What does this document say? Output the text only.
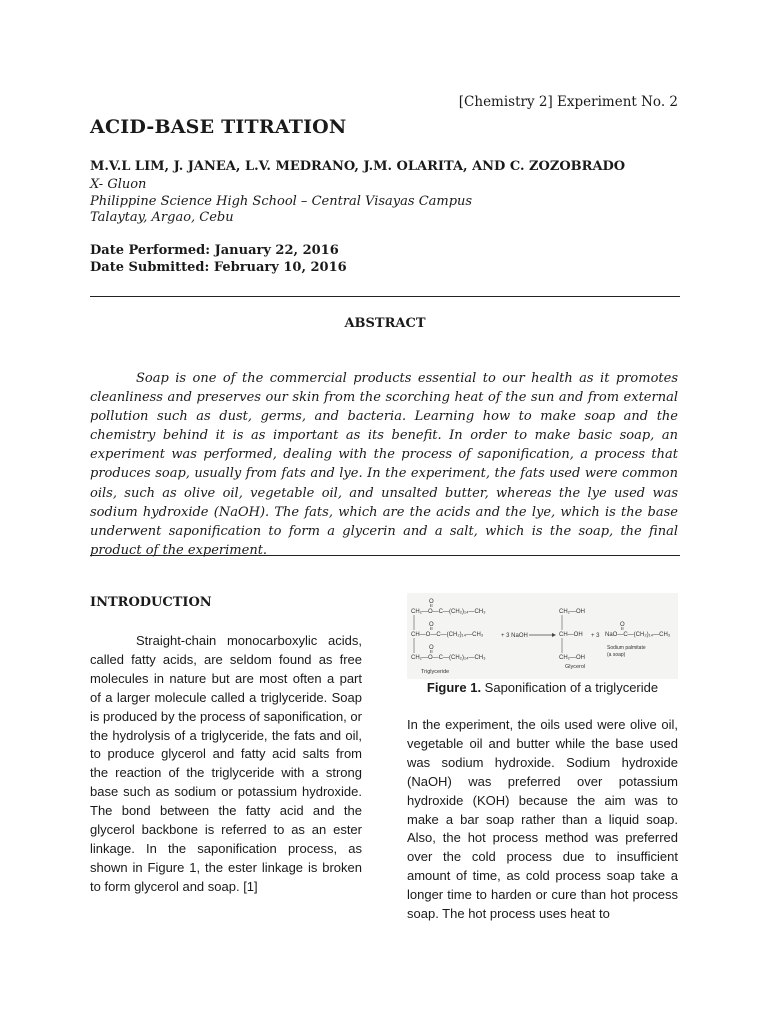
[Chemistry 2] Experiment No. 2
ACID-BASE TITRATION
M.V.L LIM, J. JANEA, L.V. MEDRANO, J.M. OLARITA, AND C. ZOZOBRADO
X- Gluon
Philippine Science High School – Central Visayas Campus
Talaytay, Argao, Cebu
Date Performed: January 22, 2016
Date Submitted: February 10, 2016
ABSTRACT
Soap is one of the commercial products essential to our health as it promotes cleanliness and preserves our skin from the scorching heat of the sun and from external pollution such as dust, germs, and bacteria. Learning how to make soap and the chemistry behind it is as important as its benefit. In order to make basic soap, an experiment was performed, dealing with the process of saponification, a process that produces soap, usually from fats and lye. In the experiment, the fats used were common oils, such as olive oil, vegetable oil, and unsalted butter, whereas the lye used was sodium hydroxide (NaOH). The fats, which are the acids and the lye, which is the base underwent saponification to form a glycerin and a salt, which is the soap, the final product of the experiment.
INTRODUCTION
Straight-chain monocarboxylic acids, called fatty acids, are seldom found as free molecules in nature but are most often a part of a larger molecule called a triglyceride. Soap is produced by the process of saponification, or the hydrolysis of a triglyceride, the fats and oil, to produce glycerol and fatty acid salts from the reaction of the triglyceride with a strong base such as sodium or potassium hydroxide. The bond between the fatty acid and the glycerol backbone is referred to as an ester linkage. In the saponification process, as shown in Figure 1, the ester linkage is broken to form glycerol and soap. [1]
O
CH₂—O—C—(CH₂)₁₄—CH₃
O
CH—O—C—(CH₂)₁₄—CH₃
O
CH₂—O—C—(CH₂)₁₄—CH₃
Triglyceride
+ 3 NaOH
CH₂—OH
CH—OH
CH₂—OH
Glycerol
+ 3
O
NaO—C—(CH₂)₁₄—CH₃
Sodium palmitate
(a soap)
Figure 1. Saponification of a triglyceride
In the experiment, the oils used were olive oil, vegetable oil and butter while the base used was sodium hydroxide. Sodium hydroxide (NaOH) was preferred over potassium hydroxide (KOH) because the aim was to make a bar soap rather than a liquid soap. Also, the hot process method was preferred over the cold process due to insufficient amount of time, as cold process soap take a longer time to harden or cure than hot process soap. The hot process uses heat to
